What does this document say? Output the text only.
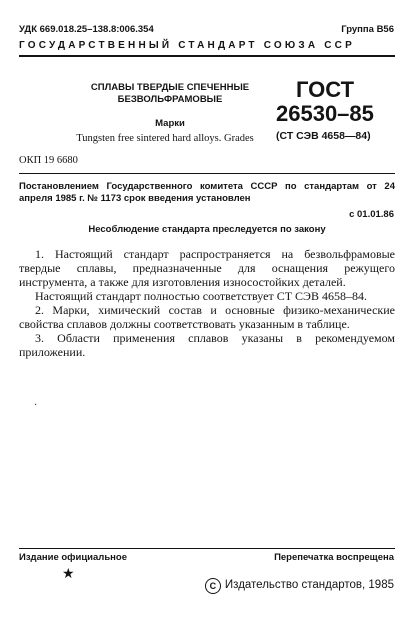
УДК 669.018.25–138.8:006.354	Группа В56
ГОСУДАРСТВЕННЫЙ СТАНДАРТ СОЮЗА ССР
СПЛАВЫ ТВЕРДЫЕ СПЕЧЕННЫЕ
БЕЗВОЛЬФРАМОВЫЕ
Марки
Tungsten free sintered hard alloys. Grades
ГОСТ
26530–85
(СТ СЭВ 4658—84)
ОКП 19 6680
Постановлением Государственного комитета СССР по стандартам от 24 апреля 1985 г. № 1173 срок введения установлен
с 01.01.86
Несоблюдение стандарта преследуется по закону

1. Настоящий стандарт распространяется на безвольфрамовые твердые сплавы, предназначенные для оснащения режущего инструмента, а также для изготовления износостойких деталей.

Настоящий стандарт полностью соответствует СТ СЭВ 4658–84.

2. Марки, химический состав и основные физико-механические свойства сплавов должны соответствовать указанным в таблице.

3. Области применения сплавов указаны в рекомендуемом приложении.

·
Издание официальное	Перепечатка воспрещена
★
C Издательство стандартов, 1985
